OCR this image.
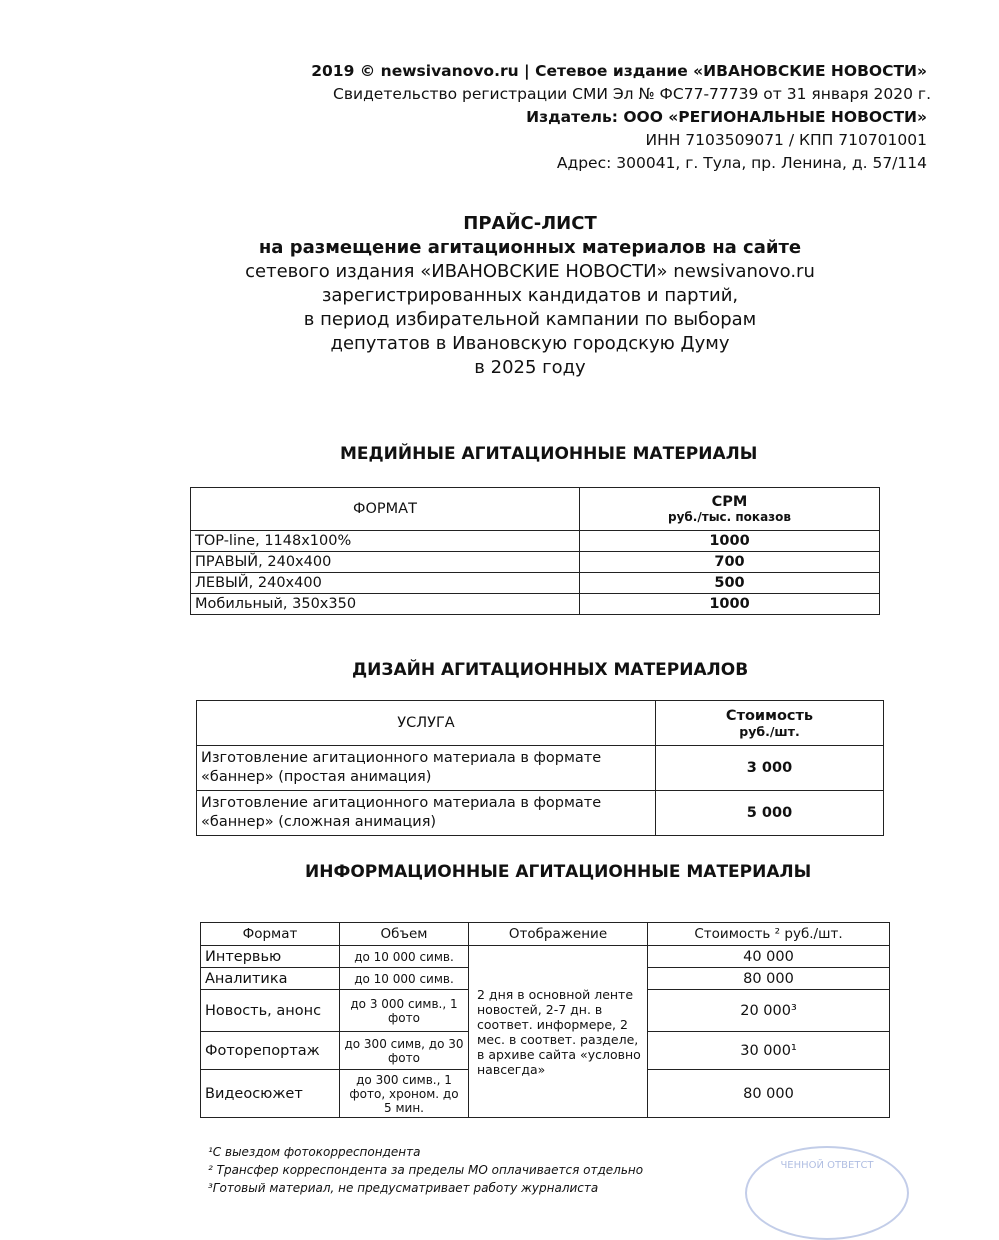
2019 © newsivanovo.ru | Сетевое издание «ИВАНОВСКИЕ НОВОСТИ»
Свидетельство регистрации СМИ Эл № ФС77-77739 от 31 января 2020 г.
Издатель: ООО «РЕГИОНАЛЬНЫЕ НОВОСТИ»
ИНН 7103509071 / КПП 710701001
Адрес: 300041, г. Тула, пр. Ленина, д. 57/114
ПРАЙС-ЛИСТ
на размещение агитационных материалов на сайте
сетевого издания «ИВАНОВСКИЕ НОВОСТИ» newsivanovo.ru
зарегистрированных кандидатов и партий,
в период избирательной кампании по выборам
депутатов в Ивановскую городскую Думу
в 2025 году
МЕДИЙНЫЕ АГИТАЦИОННЫЕ МАТЕРИАЛЫ
ФОРМАТ	CPM
руб./тыс. показов

TOP-line, 1148x100%	1000
ПРАВЫЙ, 240x400	700
ЛЕВЫЙ, 240x400	500
Мобильный, 350x350	1000
ДИЗАЙН АГИТАЦИОННЫХ МАТЕРИАЛОВ
УСЛУГА	Стоимость
руб./шт.

Изготовление агитационного материала в формате «баннер» (простая анимация)	3 000
Изготовление агитационного материала в формате «баннер» (сложная анимация)	5 000
ИНФОРМАЦИОННЫЕ АГИТАЦИОННЫЕ МАТЕРИАЛЫ
Формат	Объем	Отображение	Стоимость ² руб./шт.
Интервью	до 10 000 симв.	2 дня в основной ленте новостей, 2-7 дн. в соответ. информере, 2 мес. в соответ. разделе, в архиве сайта «условно навсегда»	40 000
Аналитика	до 10 000 симв.		80 000
Новость, анонс	до 3 000 симв., 1 фото		20 000³
Фоторепортаж	до 300 симв, до 30 фото		30 000¹
Видеосюжет	до 300 симв., 1 фото, хроном. до 5 мин.		80 000
¹С выездом фотокорреспондента
² Трансфер корреспондента за пределы МО оплачивается отдельно
³Готовый материал, не предусматривает работу журналиста
ЧЕННОЙ ОТВЕТСТ
